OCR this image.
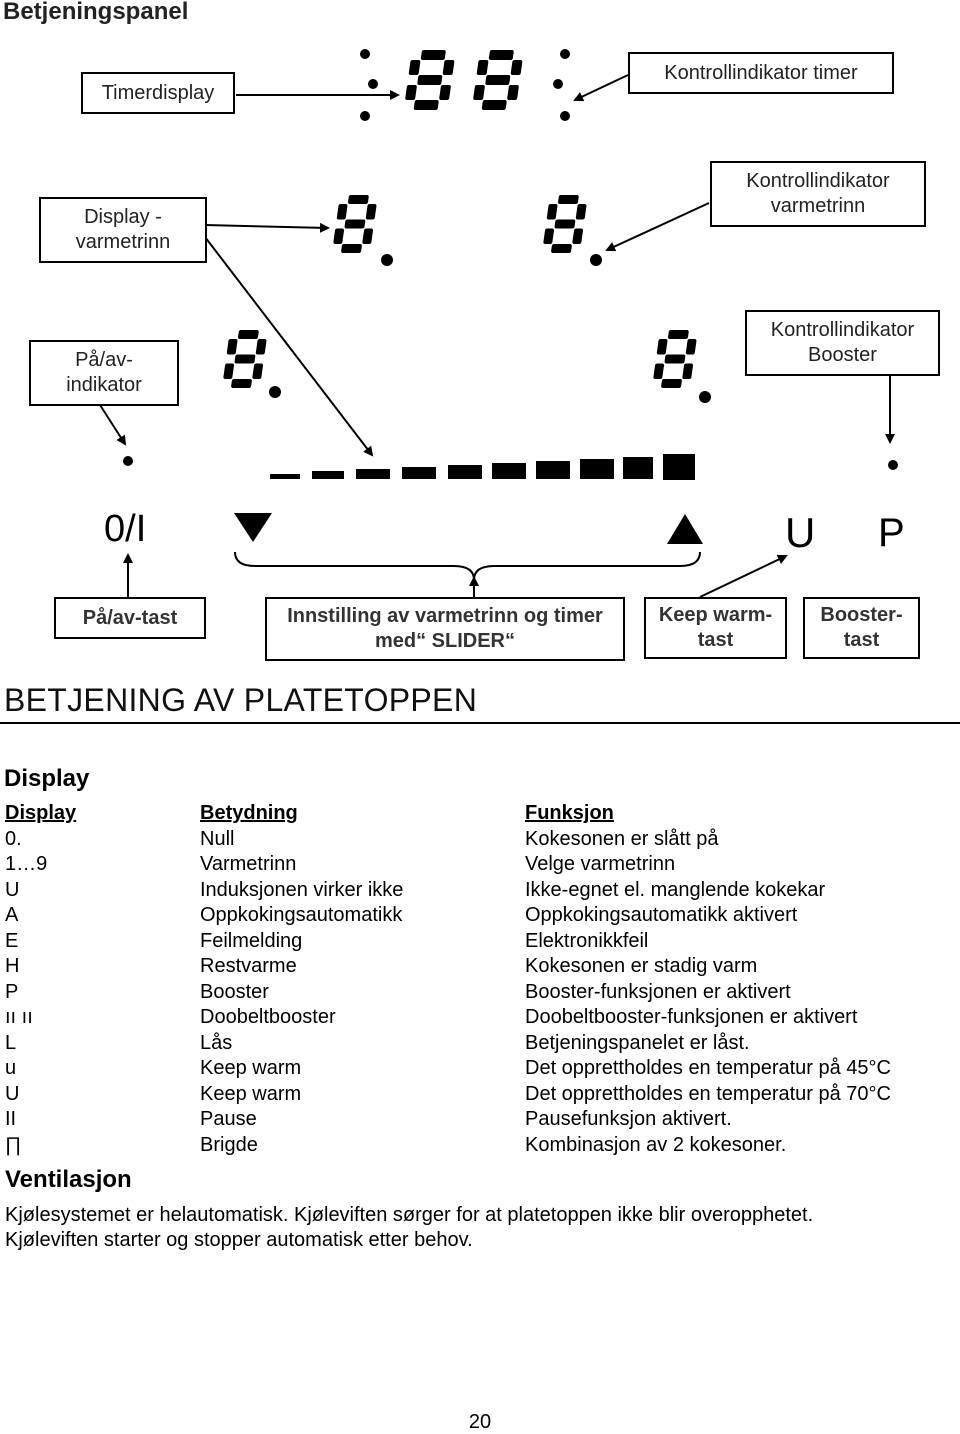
Betjeningspanel
0/I	U P
Timerdisplay
Kontrollindikator timer
Display -
varmetrinn
Kontrollindikator
varmetrinn
På/av-
indikator
Kontrollindikator
Booster
På/av-tast	Innstilling av varmetrinn og timer
med“ SLIDER“
Keep warm-
tast
Booster-
tast
BETJENING AV PLATETOPPEN
Display
Display	Betydning	Funksjon
0.	Null	Kokesonen er slått på
1…9	Varmetrinn	Velge varmetrinn
U	Induksjonen virker ikke	Ikke-egnet el. manglende kokekar
A	Oppkokingsautomatikk	Oppkokingsautomatikk aktivert
E	Feilmelding	Elektronikkfeil
H	Restvarme	Kokesonen er stadig varm
P	Booster	Booster-funksjonen er aktivert
ıı ıı	Doobeltbooster	Doobeltbooster-funksjonen er aktivert
L	Lås	Betjeningspanelet er låst.
u	Keep warm	Det opprettholdes en temperatur på 45°C
U	Keep warm	Det opprettholdes en temperatur på 70°C
II	Pause	Pausefunksjon aktivert.
∏	Brigde	Kombinasjon av 2 kokesoner.
Ventilasjon
Kjølesystemet er helautomatisk. Kjøleviften sørger for at platetoppen ikke blir overopphetet.
Kjøleviften starter og stopper automatisk etter behov.
20
